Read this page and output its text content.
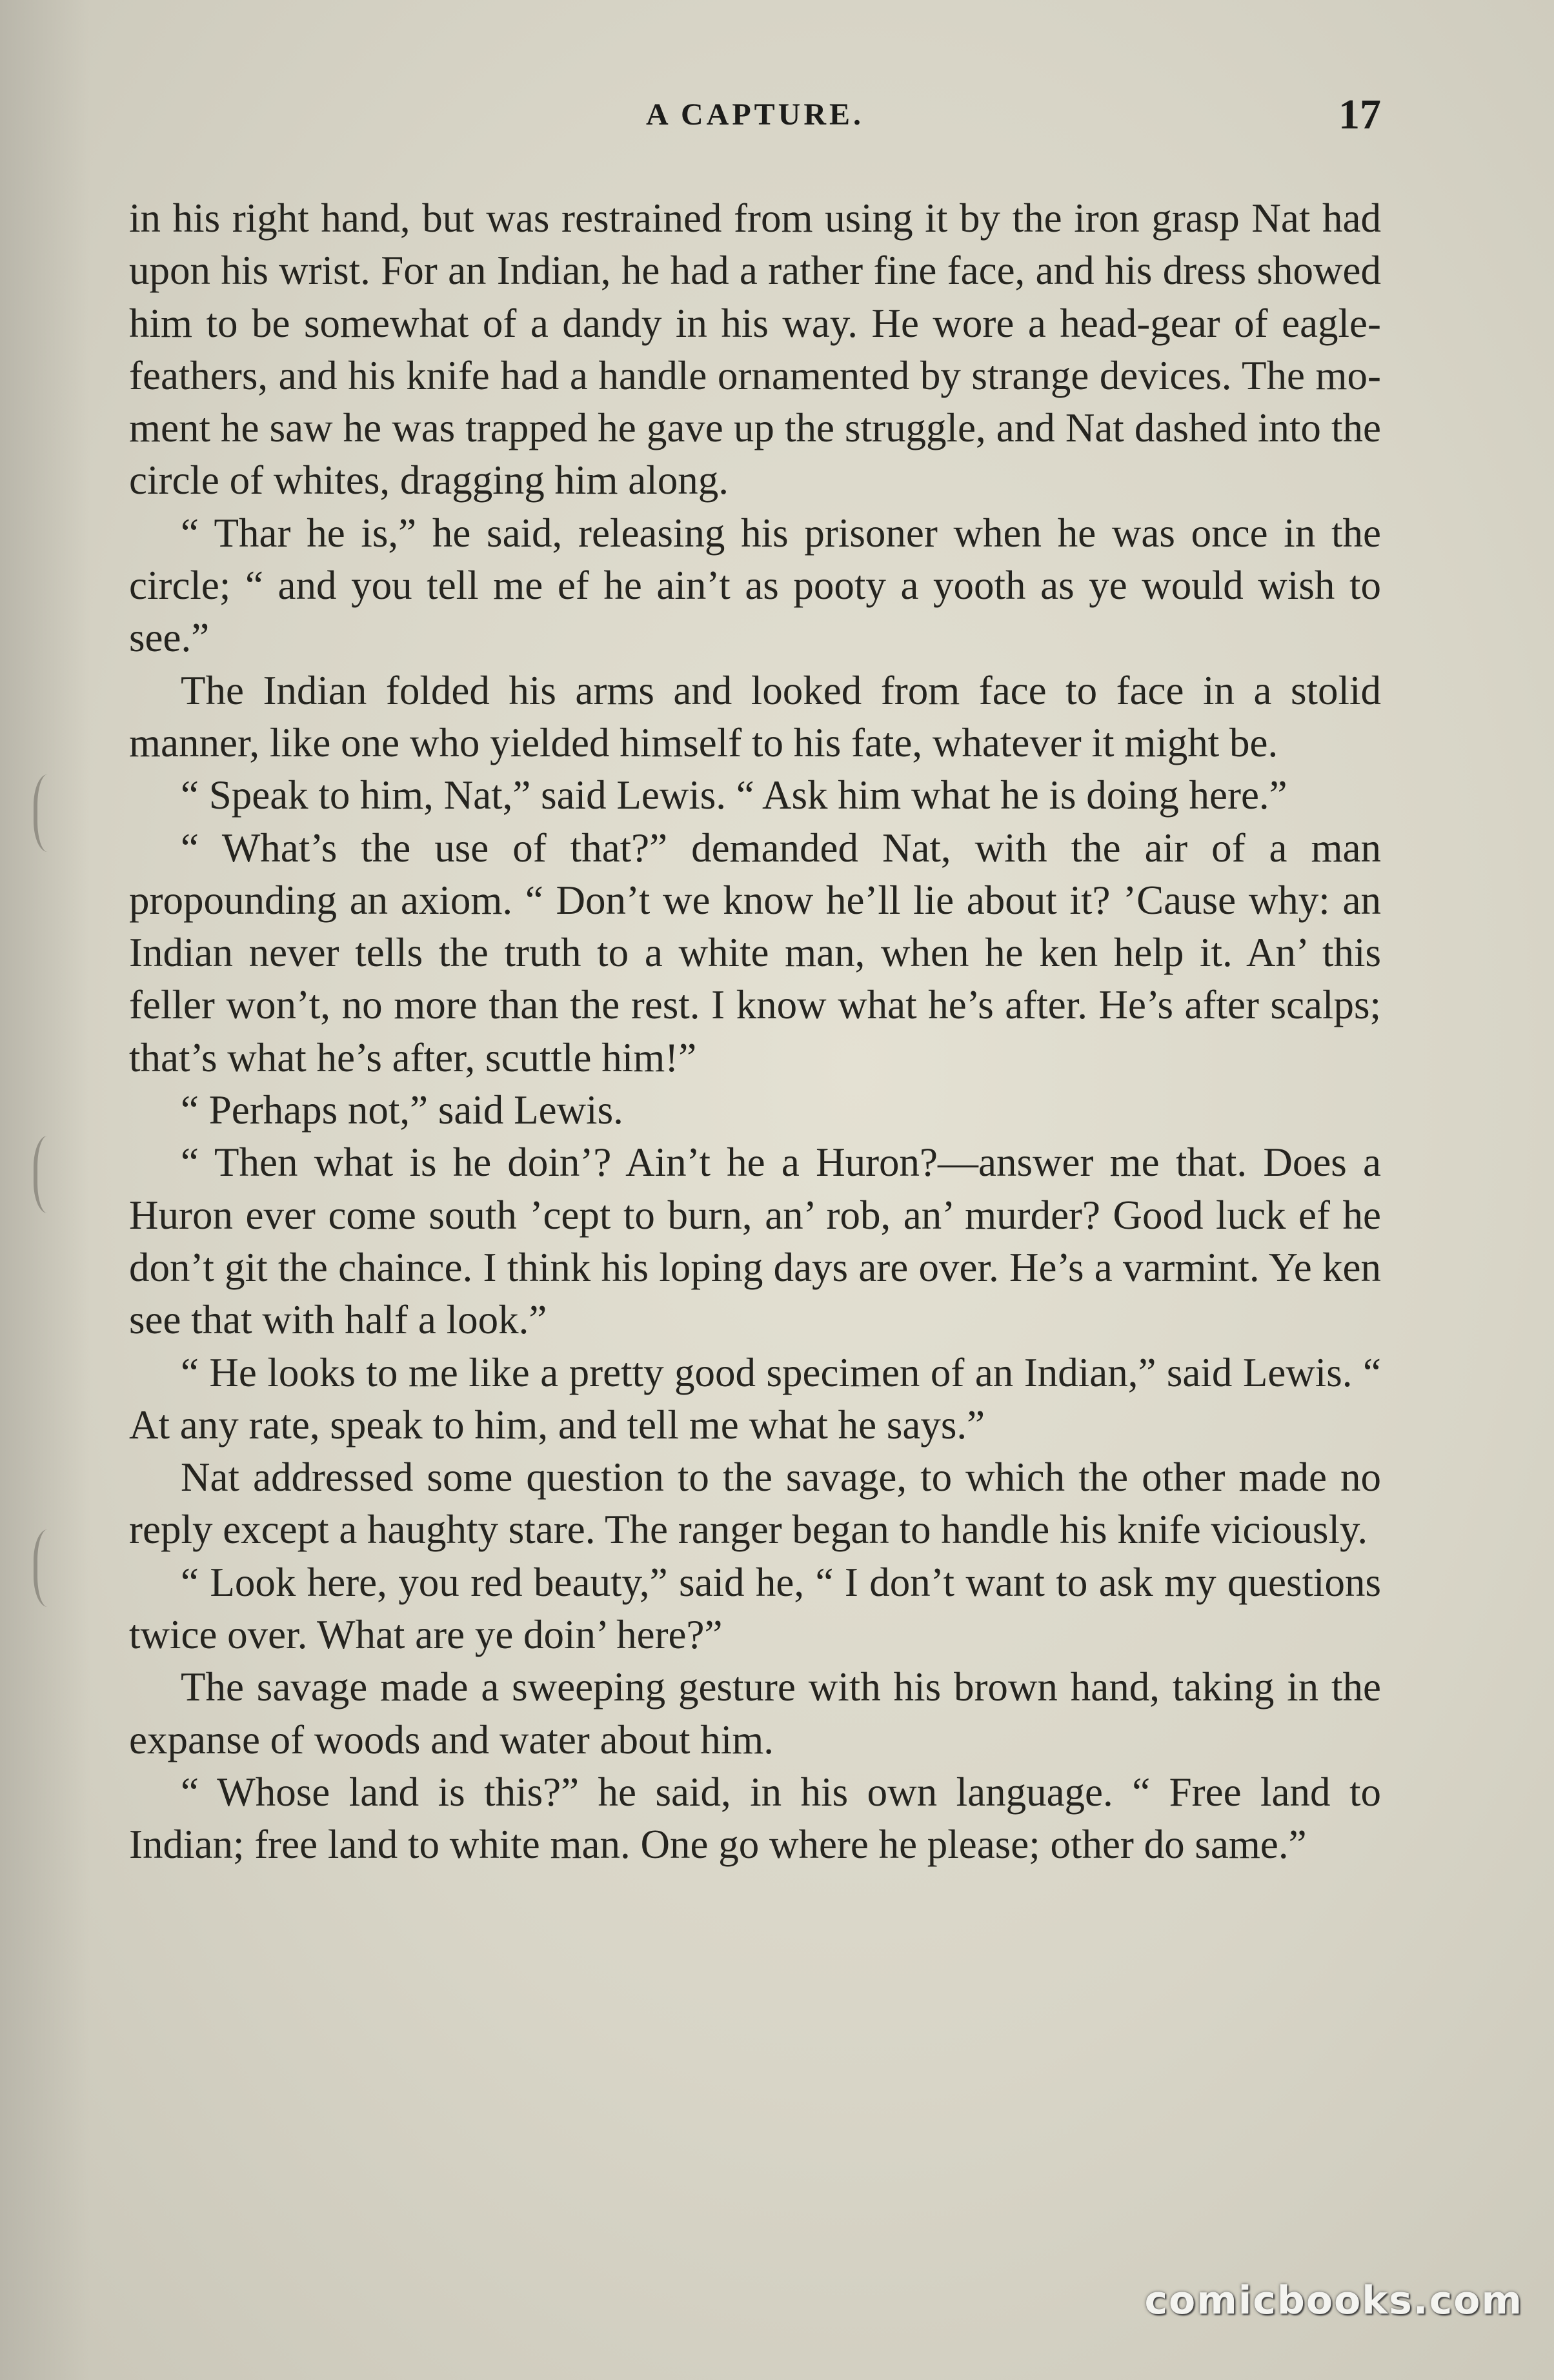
A CAPTURE.	17

in his right hand, but was restrained from using it by the iron grasp Nat had upon his wrist. For an Indian, he had a rather fine face, and his dress showed him to be somewhat of a dandy in his way. He wore a head-gear of eagle-feathers, and his knife had a handle ornamented by strange devices. The moment he saw he was trapped he gave up the struggle, and Nat dashed into the circle of whites, dragging him along.

“ Thar he is,” he said, releasing his prisoner when he was once in the circle; “ and you tell me ef he ain’t as pooty a yooth as ye would wish to see.”

The Indian folded his arms and looked from face to face in a stolid manner, like one who yielded himself to his fate, whatever it might be.

“ Speak to him, Nat,” said Lewis. “ Ask him what he is doing here.”

“ What’s the use of that?” demanded Nat, with the air of a man propounding an axiom. “ Don’t we know he’ll lie about it? ’Cause why: an Indian never tells the truth to a white man, when he ken help it. An’ this feller won’t, no more than the rest. I know what he’s after. He’s after scalps; that’s what he’s after, scuttle him!”

“ Perhaps not,” said Lewis.

“ Then what is he doin’? Ain’t he a Huron?—answer me that. Does a Huron ever come south ’cept to burn, an’ rob, an’ murder? Good luck ef he don’t git the chaince. I think his loping days are over. He’s a varmint. Ye ken see that with half a look.”

“ He looks to me like a pretty good specimen of an Indian,” said Lewis. “ At any rate, speak to him, and tell me what he says.”

Nat addressed some question to the savage, to which the other made no reply except a haughty stare. The ranger began to handle his knife viciously.

“ Look here, you red beauty,” said he, “ I don’t want to ask my questions twice over. What are ye doin’ here?”

The savage made a sweeping gesture with his brown hand, taking in the expanse of woods and water about him.

“ Whose land is this?” he said, in his own language. “ Free land to Indian; free land to white man. One go where he please; other do same.”

comicbooks.com
